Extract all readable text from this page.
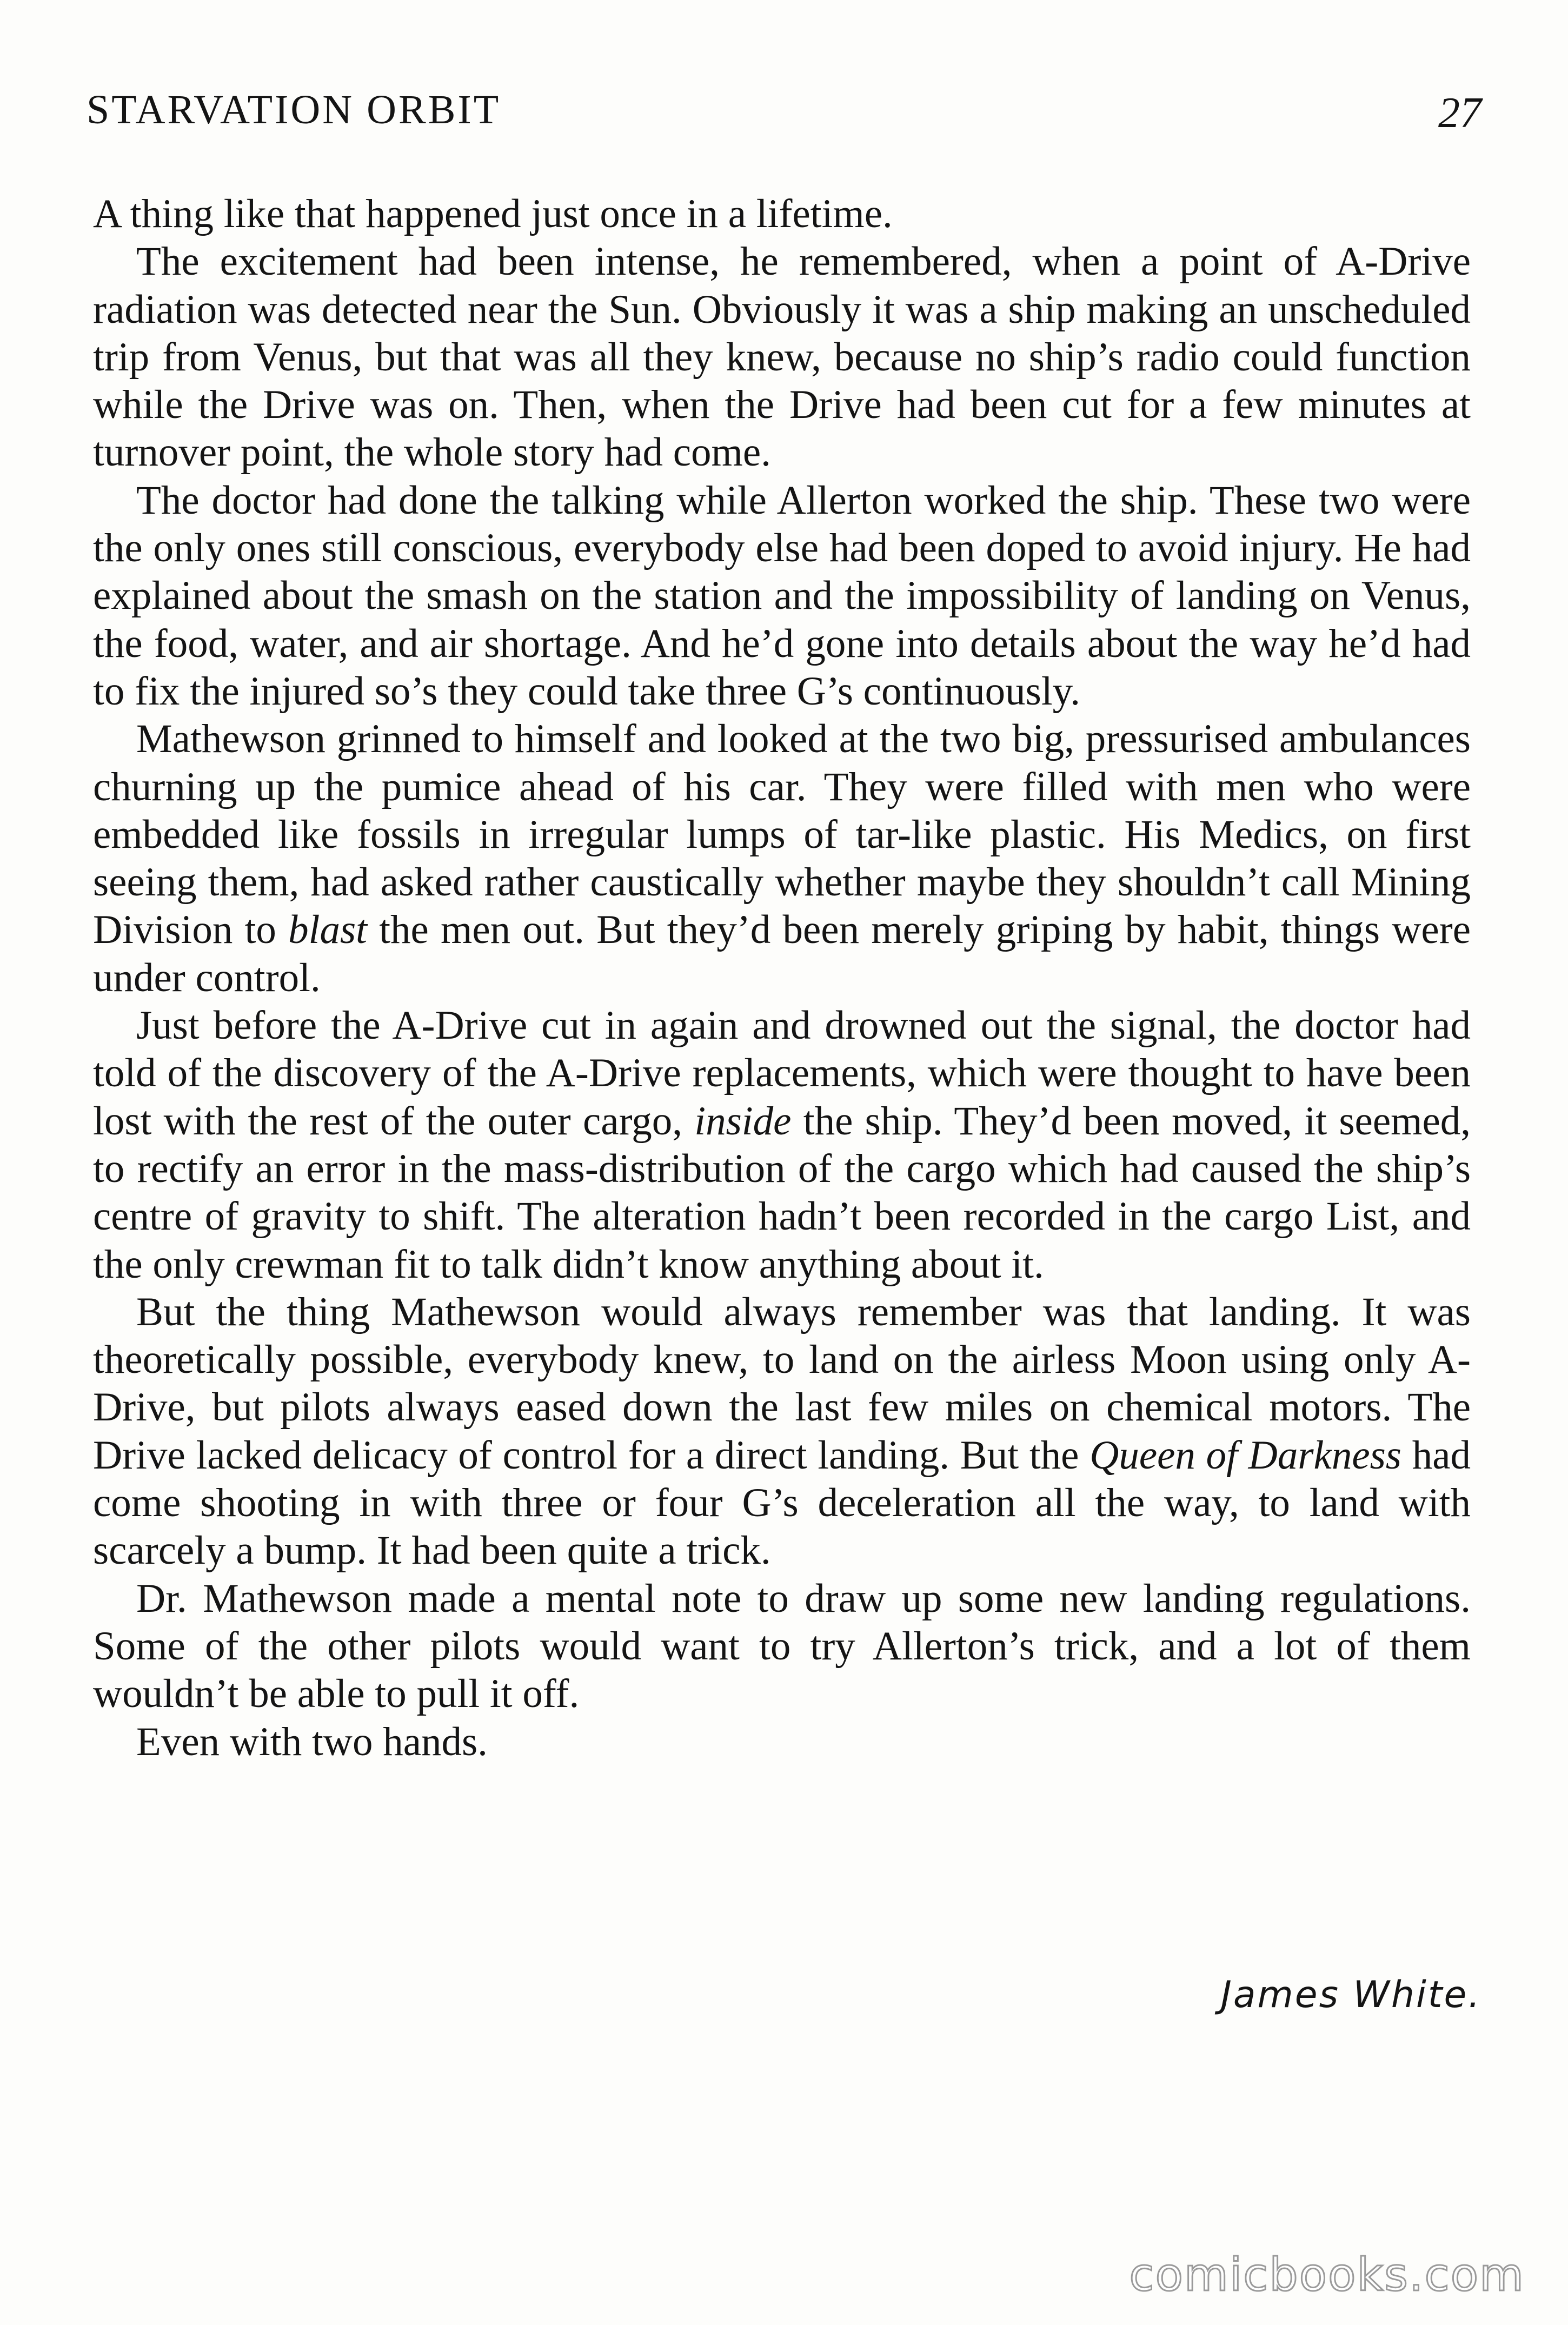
STARVATION ORBIT	27

A thing like that happened just once in a lifetime.

The excitement had been intense, he remembered, when a point of A-Drive radiation was detected near the Sun. Obviously it was a ship making an unscheduled trip from Venus, but that was all they knew, because no ship’s radio could function while the Drive was on. Then, when the Drive had been cut for a few minutes at turnover point, the whole story had come.

The doctor had done the talking while Allerton worked the ship. These two were the only ones still conscious, everybody else had been doped to avoid injury. He had explained about the smash on the station and the impossibility of landing on Venus, the food, water, and air shortage. And he’d gone into details about the way he’d had to fix the injured so’s they could take three G’s continuously.

Mathewson grinned to himself and looked at the two big, pressurised ambulances churning up the pumice ahead of his car. They were filled with men who were embedded like fossils in irregular lumps of tar-like plastic. His Medics, on first seeing them, had asked rather caustically whether maybe they shouldn’t call Mining Division to blast the men out. But they’d been merely griping by habit, things were under control.

Just before the A-Drive cut in again and drowned out the signal, the doctor had told of the discovery of the A-Drive replacements, which were thought to have been lost with the rest of the outer cargo, inside the ship. They’d been moved, it seemed, to rectify an error in the mass-distribution of the cargo which had caused the ship’s centre of gravity to shift. The alteration hadn’t been recorded in the cargo List, and the only crewman fit to talk didn’t know anything about it.

But the thing Mathewson would always remember was that landing. It was theoretically possible, everybody knew, to land on the airless Moon using only A-Drive, but pilots always eased down the last few miles on chemical motors. The Drive lacked delicacy of control for a direct landing. But the Queen of Darkness had come shooting in with three or four G’s deceleration all the way, to land with scarcely a bump. It had been quite a trick.

Dr. Mathewson made a mental note to draw up some new landing regulations. Some of the other pilots would want to try Allerton’s trick, and a lot of them wouldn’t be able to pull it off.

Even with two hands.

James White.
comicbooks.com
